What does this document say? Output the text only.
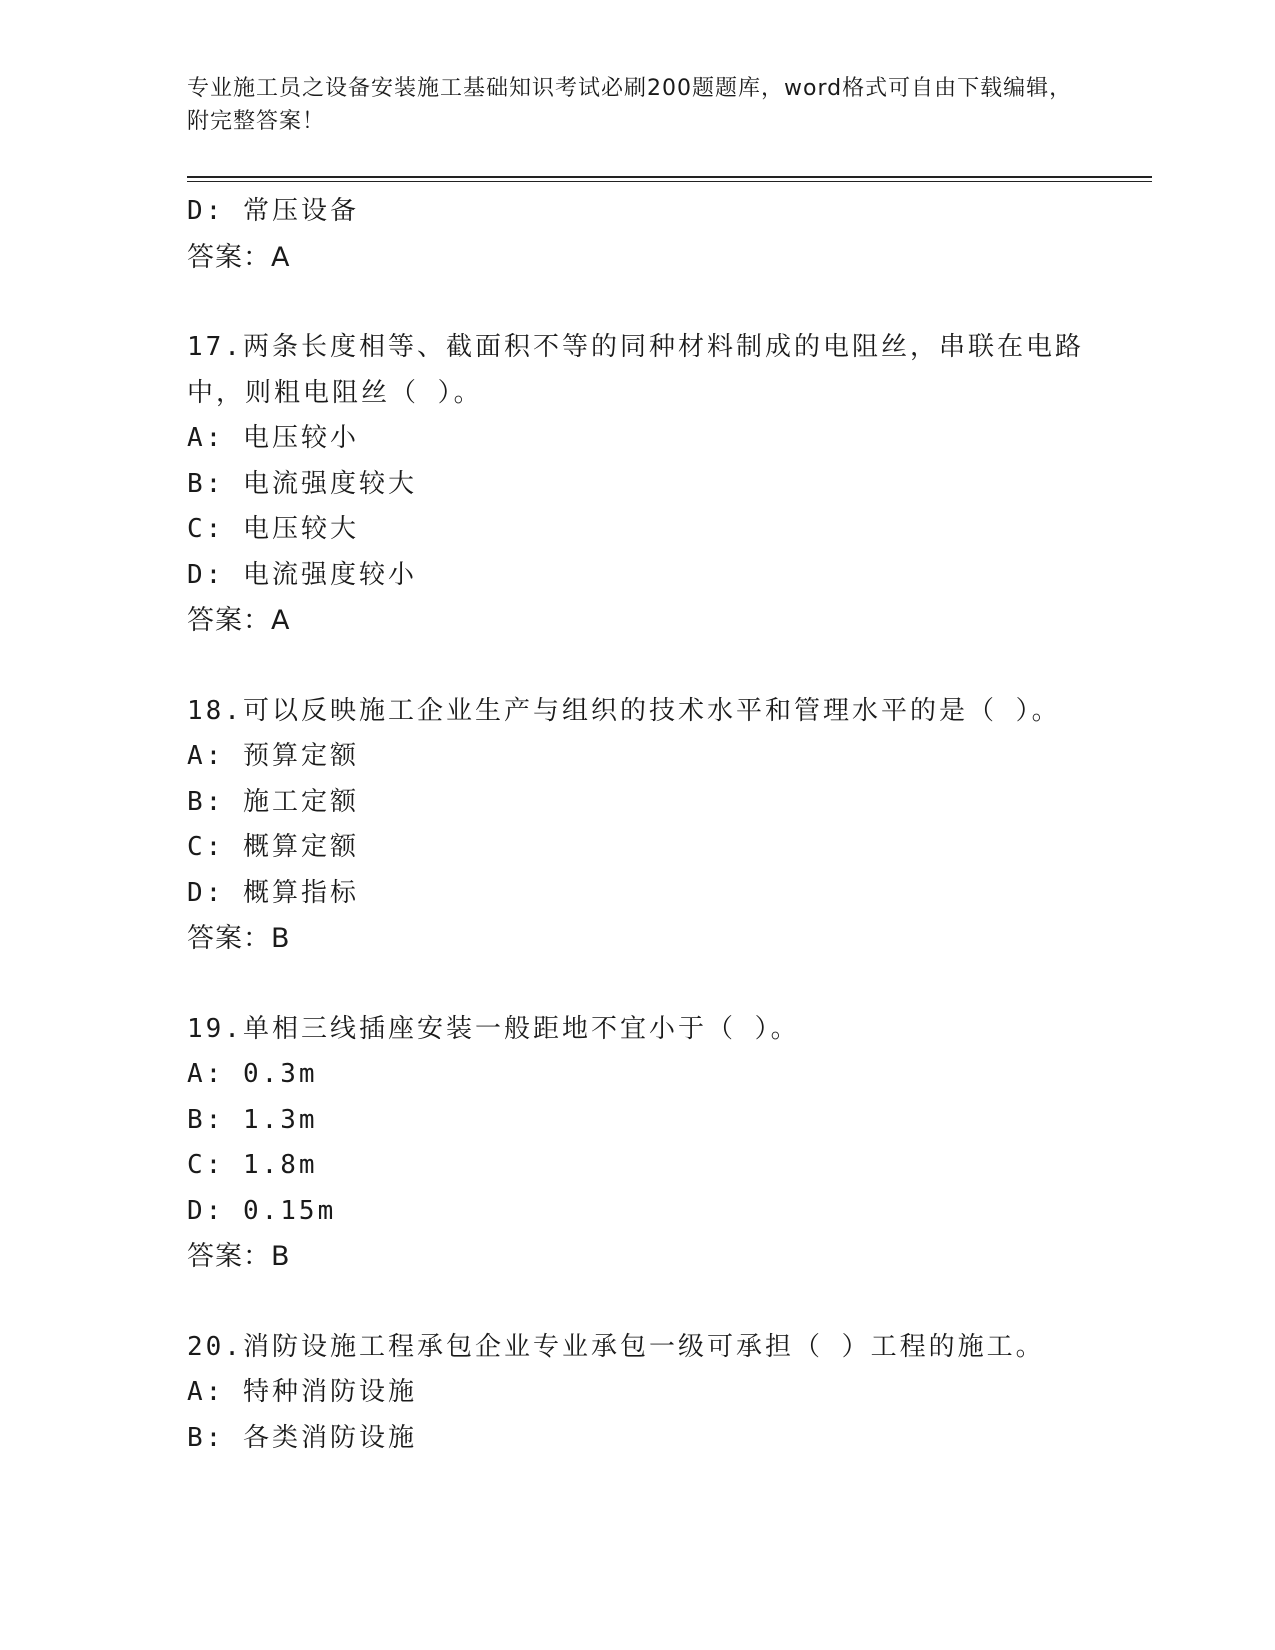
专业施工员之设备安装施工基础知识考试必刷200题题库，word格式可自由下载编辑，附完整答案！
D: 常压设备
答案：A
17.两条长度相等、截面积不等的同种材料制成的电阻丝，串联在电路中，则粗电阻丝（ ）。
A: 电压较小
B: 电流强度较大
C: 电压较大
D: 电流强度较小
答案：A
18.可以反映施工企业生产与组织的技术水平和管理水平的是（ ）。
A: 预算定额
B: 施工定额
C: 概算定额
D: 概算指标
答案：B
19.单相三线插座安装一般距地不宜小于（ ）。
A: 0.3m
B: 1.3m
C: 1.8m
D: 0.15m
答案：B
20.消防设施工程承包企业专业承包一级可承担（ ）工程的施工。
A: 特种消防设施
B: 各类消防设施
